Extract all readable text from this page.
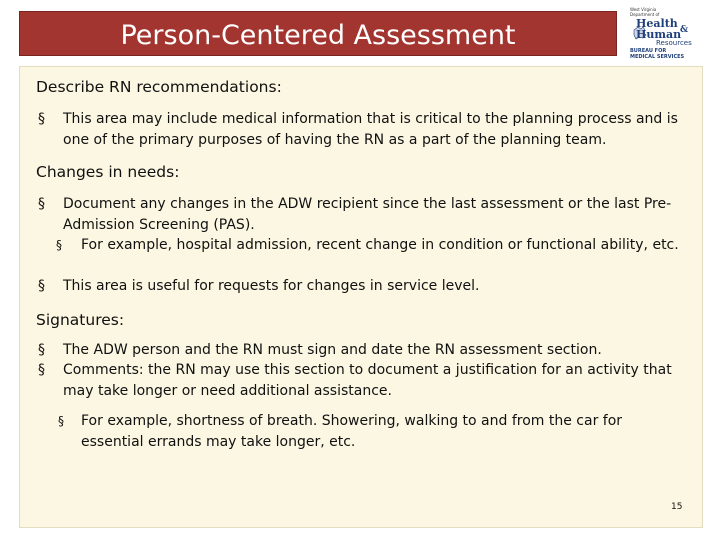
Person-Centered Assessment
West Virginia
Department of
Health &
Human
Resources
BUREAU FOR
MEDICAL SERVICES
Describe RN recommendations:
§ This area may include medical information that is critical to the planning process and is one of the primary purposes of having the RN as a part of the planning team.
Changes in needs:
§ Document any changes in the ADW recipient since the last assessment or the last Pre-Admission Screening (PAS).
§ For example, hospital admission, recent change in condition or functional ability, etc.
§ This area is useful for requests for changes in service level.
Signatures:
§ The ADW person and the RN must sign and date the RN assessment section.
§ Comments: the RN may use this section to document a justification for an activity that may take longer or need additional assistance.
§ For example, shortness of breath. Showering, walking to and from the car for essential errands may take longer, etc.
15
